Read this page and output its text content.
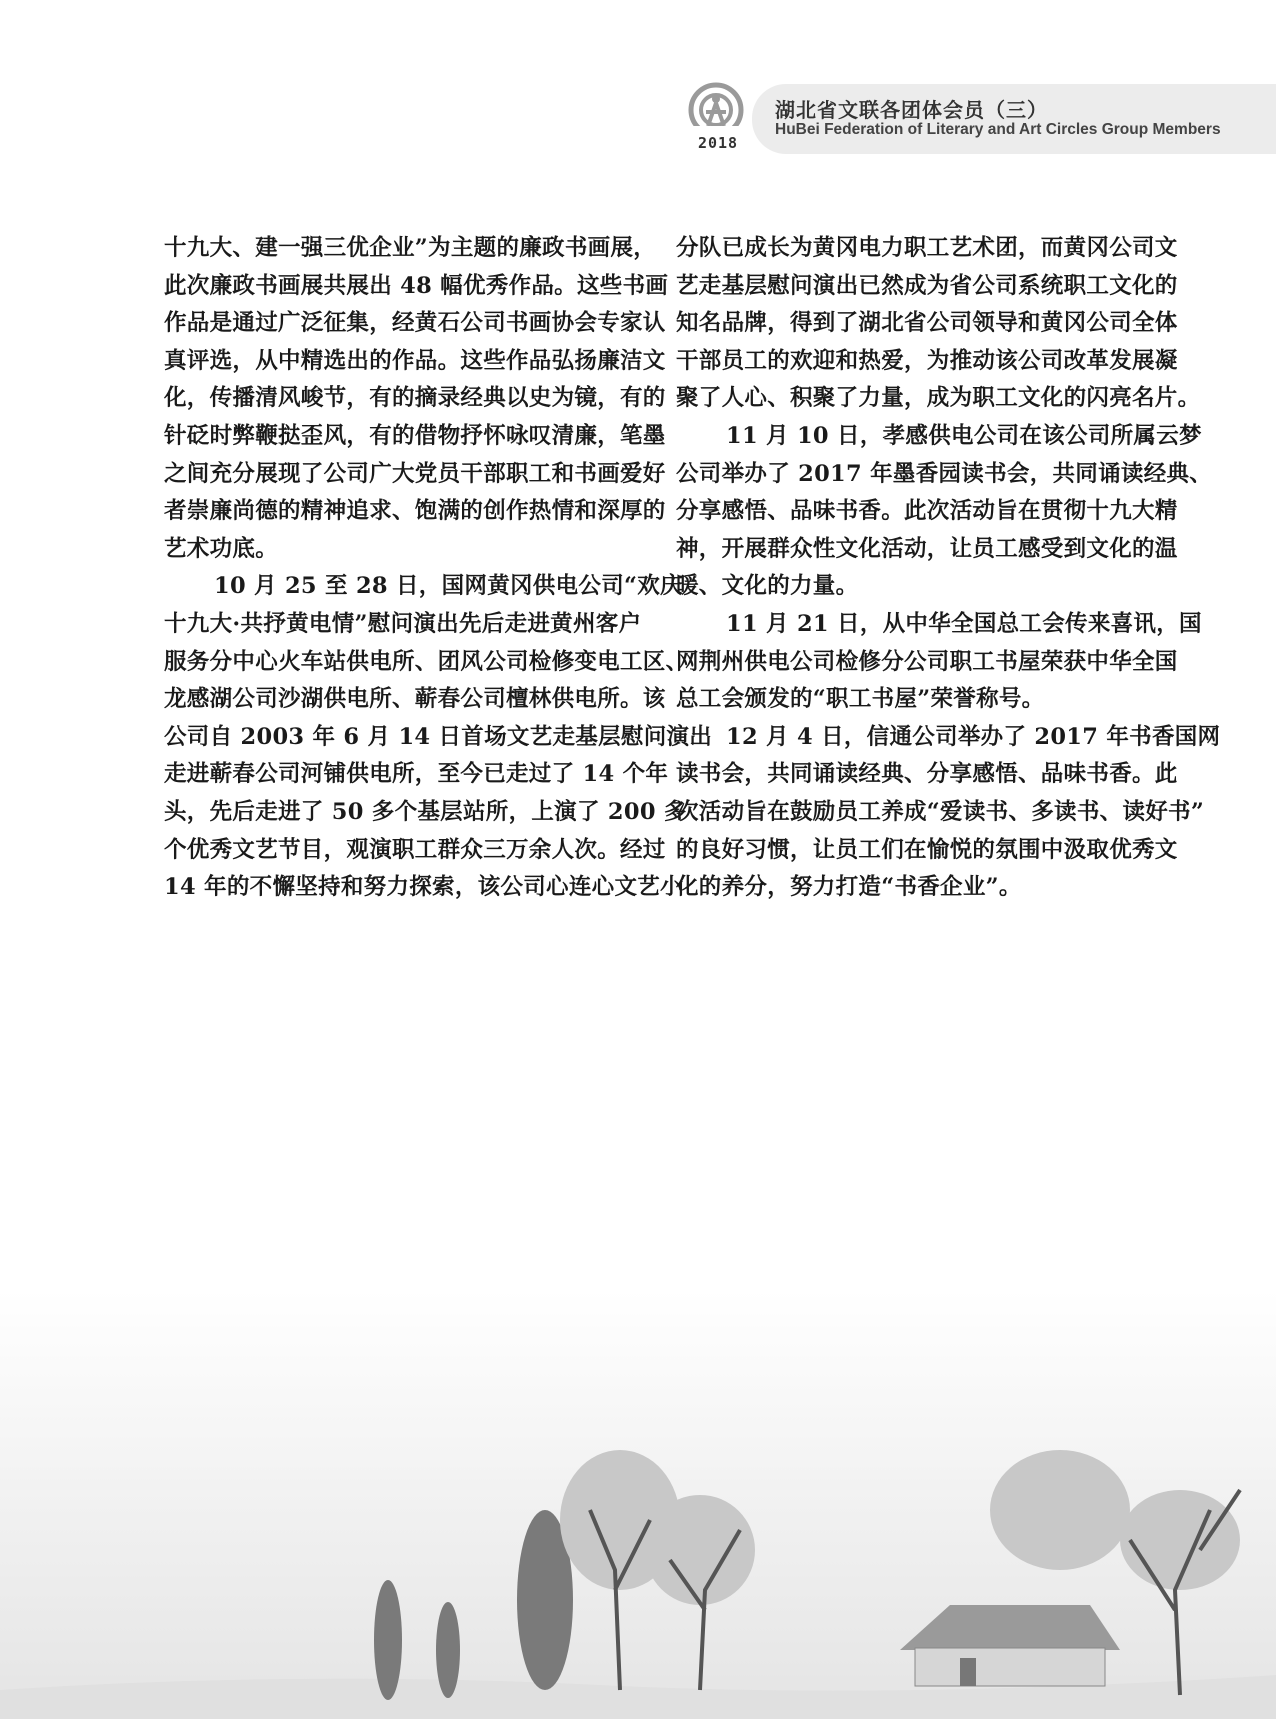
2018
湖北省文联各团体会员（三）
HuBei Federation of Literary and Art Circles Group Members
十九大、建一强三优企业”为主题的廉政书画展，
此次廉政书画展共展出 48 幅优秀作品。这些书画
作品是通过广泛征集，经黄石公司书画协会专家认
真评选，从中精选出的作品。这些作品弘扬廉洁文
化，传播清风峻节，有的摘录经典以史为镜，有的
针砭时弊鞭挞歪风，有的借物抒怀咏叹清廉，笔墨
之间充分展现了公司广大党员干部职工和书画爱好
者崇廉尚德的精神追求、饱满的创作热情和深厚的
艺术功底。
10 月 25 至 28 日，国网黄冈供电公司“欢庆
十九大·共抒黄电情”慰问演出先后走进黄州客户
服务分中心火车站供电所、团风公司检修变电工区、
龙感湖公司沙湖供电所、蕲春公司檀林供电所。该
公司自 2003 年 6 月 14 日首场文艺走基层慰问演出
走进蕲春公司河铺供电所，至今已走过了 14 个年
头，先后走进了 50 多个基层站所，上演了 200 多
个优秀文艺节目，观演职工群众三万余人次。经过
14 年的不懈坚持和努力探索，该公司心连心文艺小
分队已成长为黄冈电力职工艺术团，而黄冈公司文
艺走基层慰问演出已然成为省公司系统职工文化的
知名品牌，得到了湖北省公司领导和黄冈公司全体
干部员工的欢迎和热爱，为推动该公司改革发展凝
聚了人心、积聚了力量，成为职工文化的闪亮名片。
11 月 10 日，孝感供电公司在该公司所属云梦
公司举办了 2017 年墨香园读书会，共同诵读经典、
分享感悟、品味书香。此次活动旨在贯彻十九大精
神，开展群众性文化活动，让员工感受到文化的温
暖、文化的力量。
11 月 21 日，从中华全国总工会传来喜讯，国
网荆州供电公司检修分公司职工书屋荣获中华全国
总工会颁发的“职工书屋”荣誉称号。
12 月 4 日，信通公司举办了 2017 年书香国网
读书会，共同诵读经典、分享感悟、品味书香。此
次活动旨在鼓励员工养成“爱读书、多读书、读好书”
的良好习惯，让员工们在愉悦的氛围中汲取优秀文
化的养分，努力打造“书香企业”。
